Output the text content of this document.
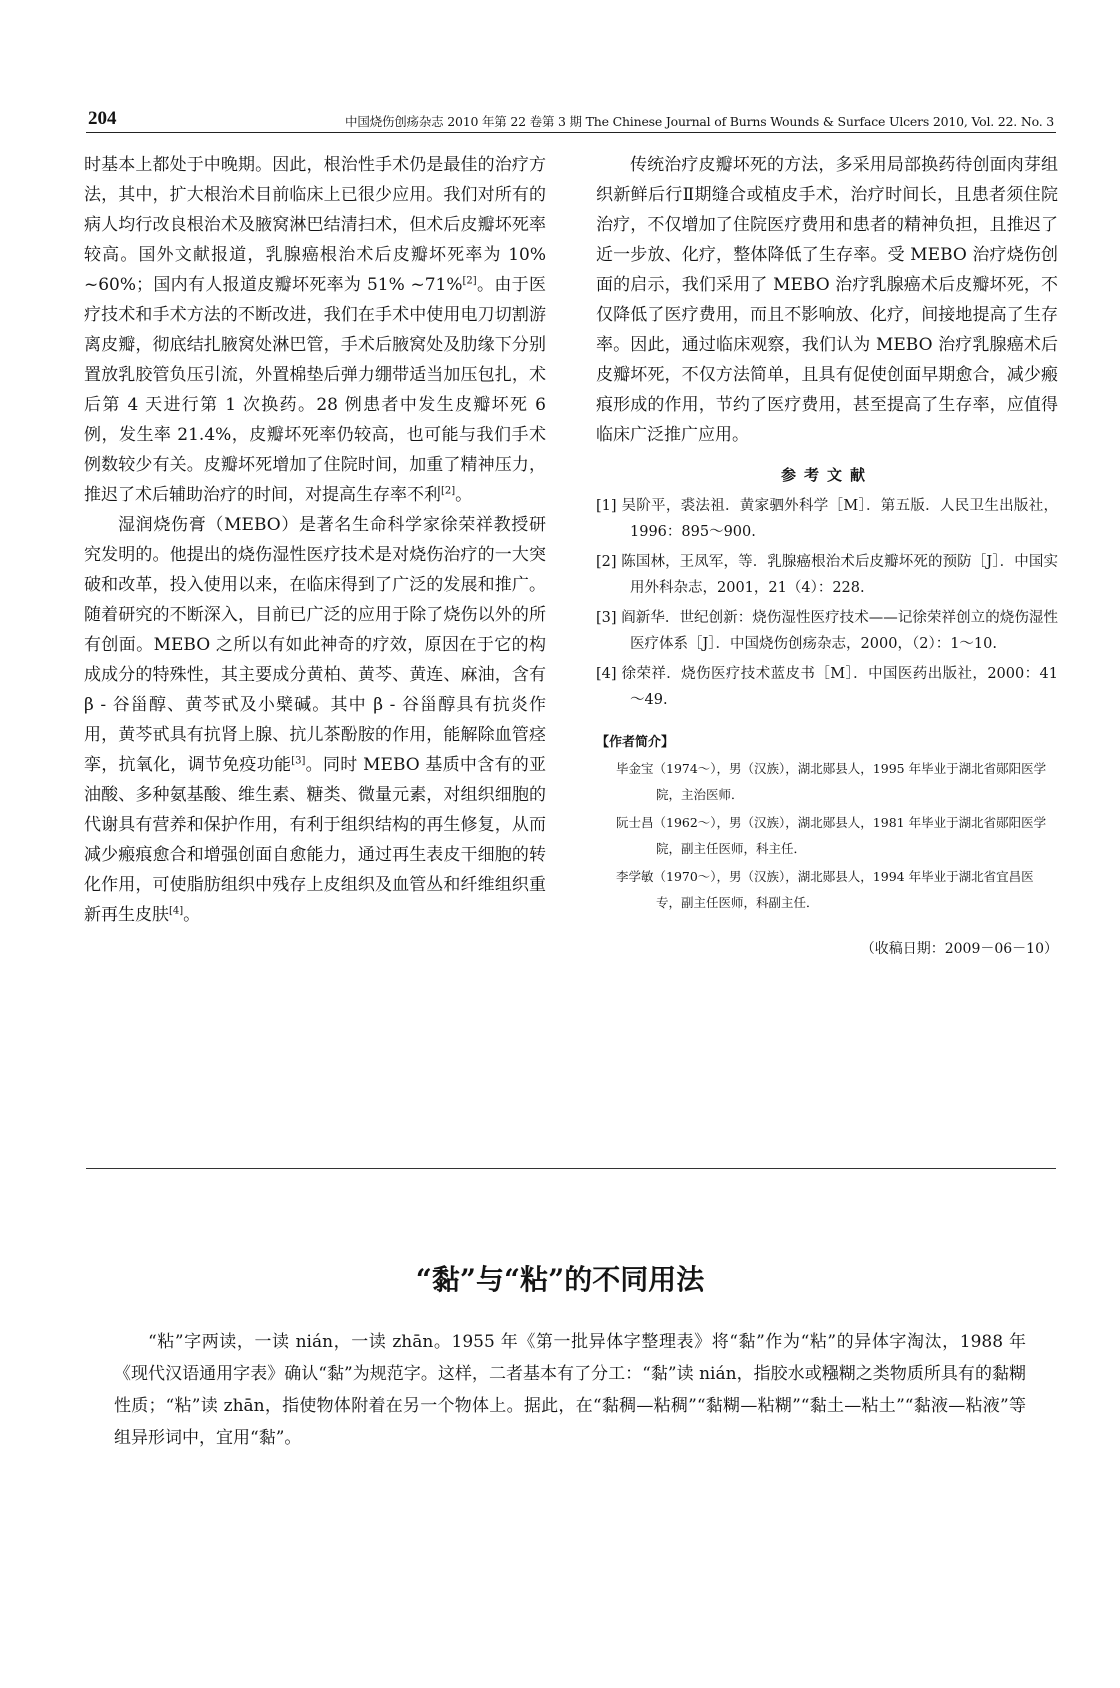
204	中国烧伤创疡杂志 2010 年第 22 卷第 3 期 The Chinese Journal of Burns Wounds & Surface Ulcers 2010, Vol. 22. No. 3

时基本上都处于中晚期。因此，根治性手术仍是最佳的治疗方法，其中，扩大根治术目前临床上已很少应用。我们对所有的病人均行改良根治术及腋窝淋巴结清扫术，但术后皮瓣坏死率较高。国外文献报道，乳腺癌根治术后皮瓣坏死率为 10% ~60%；国内有人报道皮瓣坏死率为 51% ~71%[2]。由于医疗技术和手术方法的不断改进，我们在手术中使用电刀切割游离皮瓣，彻底结扎腋窝处淋巴管，手术后腋窝处及肋缘下分别置放乳胶管负压引流，外置棉垫后弹力绷带适当加压包扎，术后第 4 天进行第 1 次换药。28 例患者中发生皮瓣坏死 6 例，发生率 21.4%，皮瓣坏死率仍较高，也可能与我们手术例数较少有关。皮瓣坏死增加了住院时间，加重了精神压力，推迟了术后辅助治疗的时间，对提高生存率不利[2]。

湿润烧伤膏（MEBO）是著名生命科学家徐荣祥教授研究发明的。他提出的烧伤湿性医疗技术是对烧伤治疗的一大突破和改革，投入使用以来，在临床得到了广泛的发展和推广。随着研究的不断深入，目前已广泛的应用于除了烧伤以外的所有创面。MEBO 之所以有如此神奇的疗效，原因在于它的构成成分的特殊性，其主要成分黄柏、黄芩、黄连、麻油，含有 β - 谷甾醇、黄芩甙及小檗碱。其中 β - 谷甾醇具有抗炎作用，黄芩甙具有抗肾上腺、抗儿茶酚胺的作用，能解除血管痉挛，抗氧化，调节免疫功能[3]。同时 MEBO 基质中含有的亚油酸、多种氨基酸、维生素、糖类、微量元素，对组织细胞的代谢具有营养和保护作用，有利于组织结构的再生修复，从而减少瘢痕愈合和增强创面自愈能力，通过再生表皮干细胞的转化作用，可使脂肪组织中残存上皮组织及血管丛和纤维组织重新再生皮肤[4]。

传统治疗皮瓣坏死的方法，多采用局部换药待创面肉芽组织新鲜后行Ⅱ期缝合或植皮手术，治疗时间长，且患者须住院治疗，不仅增加了住院医疗费用和患者的精神负担，且推迟了近一步放、化疗，整体降低了生存率。受 MEBO 治疗烧伤创面的启示，我们采用了 MEBO 治疗乳腺癌术后皮瓣坏死，不仅降低了医疗费用，而且不影响放、化疗，间接地提高了生存率。因此，通过临床观察，我们认为 MEBO 治疗乳腺癌术后皮瓣坏死，不仅方法简单，且具有促使创面早期愈合，减少瘢痕形成的作用，节约了医疗费用，甚至提高了生存率，应值得临床广泛推广应用。

参考文献
[1] 吴阶平，裘法祖．黄家驷外科学［M］．第五版．人民卫生出版社，1996：895～900.
[2] 陈国林，王凤军，等．乳腺癌根治术后皮瓣坏死的预防［J］．中国实用外科杂志，2001，21（4）：228.
[3] 阎新华．世纪创新：烧伤湿性医疗技术——记徐荣祥创立的烧伤湿性医疗体系［J］．中国烧伤创疡杂志，2000，（2）：1～10.
[4] 徐荣祥．烧伤医疗技术蓝皮书［M］．中国医药出版社，2000：41～49.
【作者简介】
毕金宝（1974～），男（汉族），湖北郧县人，1995 年毕业于湖北省郧阳医学院，主治医师．
阮士昌（1962～），男（汉族），湖北郧县人，1981 年毕业于湖北省郧阳医学院，副主任医师，科主任．
李学敏（1970～），男（汉族），湖北郧县人，1994 年毕业于湖北省宜昌医专，副主任医师，科副主任．
（收稿日期：2009－06－10）
“黏”与“粘”的不同用法

“粘”字两读，一读 nián，一读 zhān。1955 年《第一批异体字整理表》将“黏”作为“粘”的异体字淘汰，1988 年《现代汉语通用字表》确认“黏”为规范字。这样，二者基本有了分工：“黏”读 nián，指胶水或糨糊之类物质所具有的黏糊性质；“粘”读 zhān，指使物体附着在另一个物体上。据此，在“黏稠—粘稠”“黏糊—粘糊”“黏土—粘土”“黏液—粘液”等组异形词中，宜用“黏”。
